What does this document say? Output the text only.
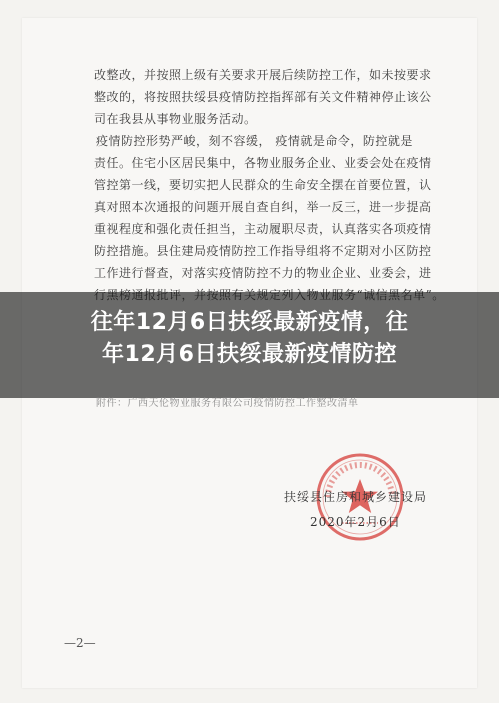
改整改，并按照上级有关要求开展后续防控工作，如未按要求
整改的，将按照扶绥县疫情防控指挥部有关文件精神停止该公
司在我县从事物业服务活动。
疫情防控形势严峻，刻不容缓， 疫情就是命令，防控就是
责任。住宅小区居民集中，各物业服务企业、业委会处在疫情
管控第一线，要切实把人民群众的生命安全摆在首要位置，认
真对照本次通报的问题开展自查自纠，举一反三，进一步提高
重视程度和强化责任担当，主动履职尽责，认真落实各项疫情
防控措施。县住建局疫情防控工作指导组将不定期对小区防控
工作进行督查，对落实疫情防控不力的物业企业、业委会，进
往年12月6日扶绥最新疫情，往
年12月6日扶绥最新疫情防控
附件：广西天伦物业服务有限公司疫情防控工作整改清单
扶绥县住房和城乡建设局
2020年2月6日
—2—
